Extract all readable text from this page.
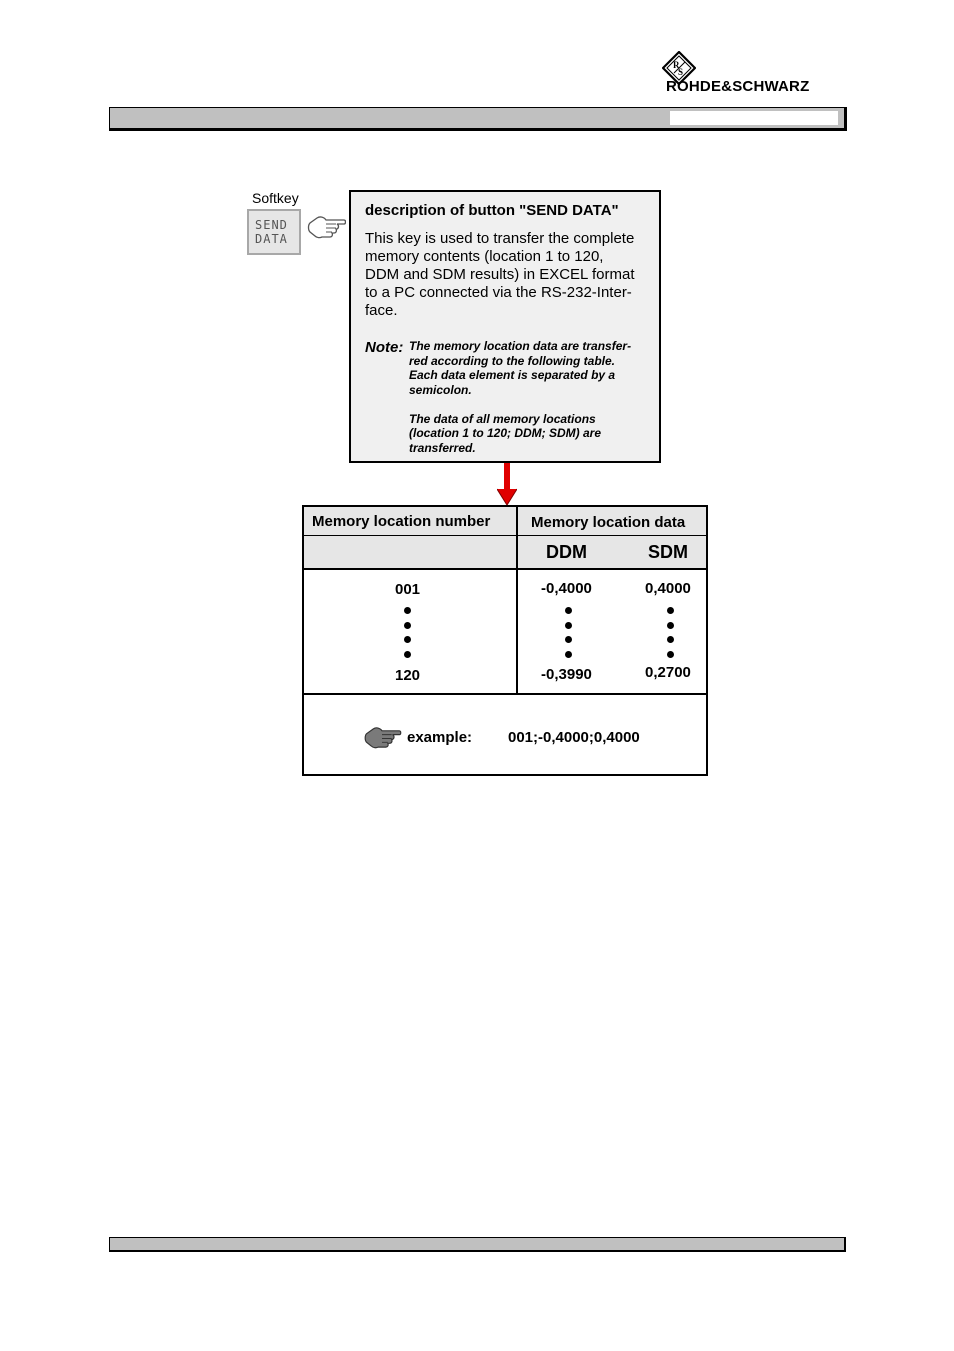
R
S
ROHDE&SCHWARZ
Softkey
SEND
DATA
description of button "SEND DATA"
This key is used to transfer the complete
memory contents (location 1 to 120,
DDM and SDM results) in EXCEL format
to a PC connected via the RS-232-Inter-
face.
Note: The memory location data are transfer-
red according to the following table.
Each data element is separated by a
semicolon.
The data of all memory locations
(location 1 to 120; DDM; SDM) are
transferred.
Memory location number	Memory location data
DDM	SDM
001
120
-0,4000
-0,3990
0,4000
0,2700
example: 001;-0,4000;0,4000
